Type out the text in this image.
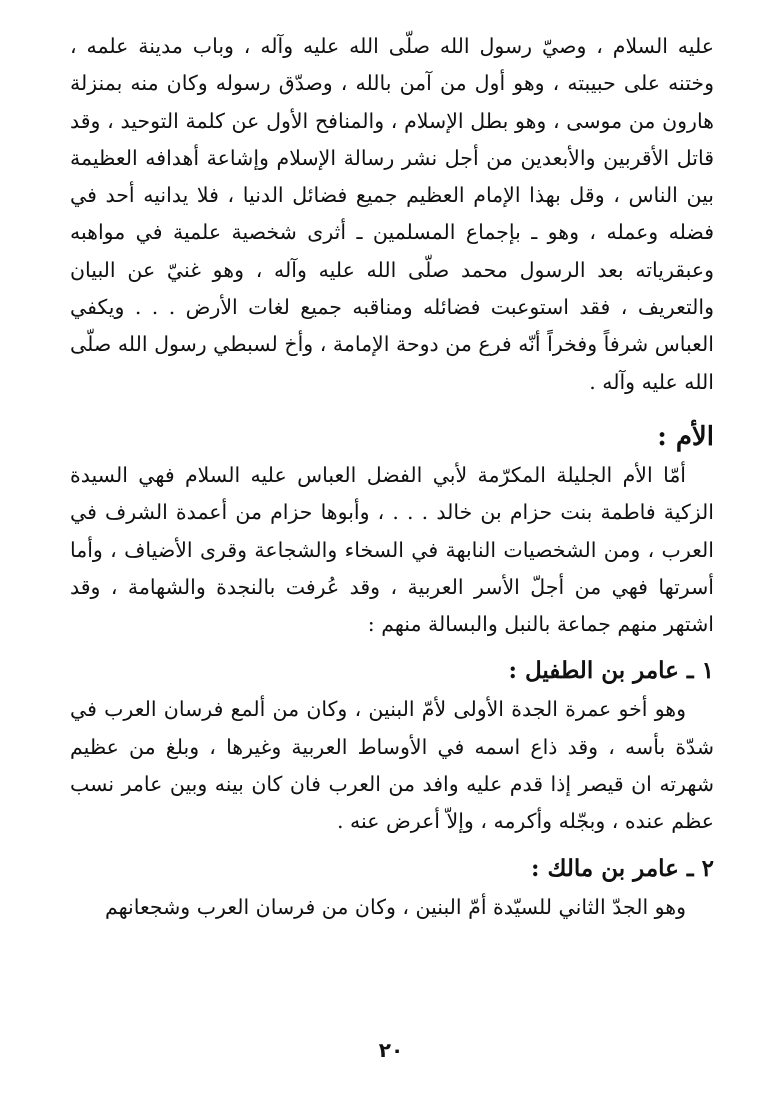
عليه السلام ، وصيّ رسول الله صلّى الله عليه وآله ، وباب مدينة علمه ، وختنه على حبيبته ، وهو أول من آمن بالله ، وصدّق رسوله وكان منه بمنزلة هارون من موسى ، وهو بطل الإسلام ، والمنافح الأول عن كلمة التوحيد ، وقد قاتل الأقربين والأبعدين من أجل نشر رسالة الإسلام وإشاعة أهدافه العظيمة بين الناس ، وقل بهذا الإمام العظيم جميع فضائل الدنيا ، فلا يدانيه أحد في فضله وعمله ، وهو ـ بإجماع المسلمين ـ أثرى شخصية علمية في مواهبه وعبقرياته بعد الرسول محمد صلّى الله عليه وآله ، وهو غنيّ عن البيان والتعريف ، فقد استوعبت فضائله ومناقبه جميع لغات الأرض . . . ويكفي العباس شرفاً وفخراً أنّه فرع من دوحة الإمامة ، وأخ لسبطي رسول الله صلّى الله عليه وآله .

الأم :

أمّا الأم الجليلة المكرّمة لأبي الفضل العباس عليه السلام فهي السيدة الزكية فاطمة بنت حزام بن خالد . . . ، وأبوها حزام من أعمدة الشرف في العرب ، ومن الشخصيات النابهة في السخاء والشجاعة وقرى الأضياف ، وأما أسرتها فهي من أجلّ الأسر العربية ، وقد عُرفت بالنجدة والشهامة ، وقد اشتهر منهم جماعة بالنبل والبسالة منهم :

١ ـ عامر بن الطفيل :

وهو أخو عمرة الجدة الأولى لأمّ البنين ، وكان من ألمع فرسان العرب في شدّة بأسه ، وقد ذاع اسمه في الأوساط العربية وغيرها ، وبلغ من عظيم شهرته ان قيصر إذا قدم عليه وافد من العرب فان كان بينه وبين عامر نسب عظم عنده ، وبجّله وأكرمه ، وإلاّ أعرض عنه .

٢ ـ عامر بن مالك :

وهو الجدّ الثاني للسيّدة أمّ البنين ، وكان من فرسان العرب وشجعانهم

٢٠
